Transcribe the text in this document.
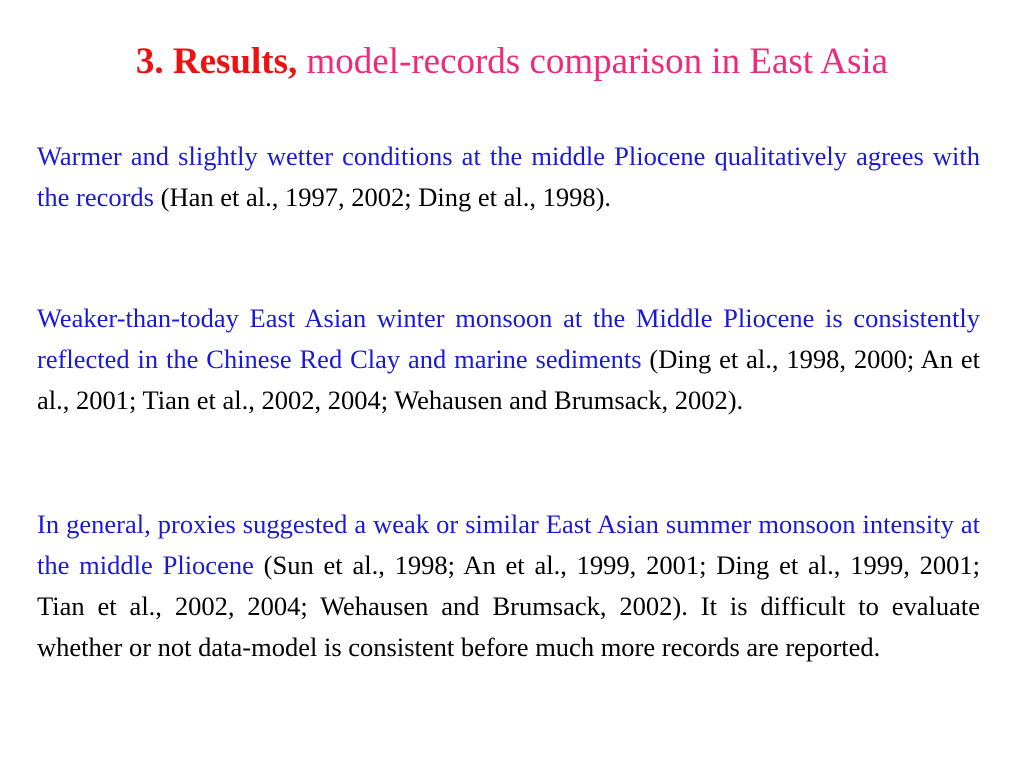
3. Results, model-records comparison in East Asia

Warmer and slightly wetter conditions at the middle Pliocene qualitatively agrees with the records (Han et al., 1997, 2002; Ding et al., 1998).

Weaker-than-today East Asian winter monsoon at the Middle Pliocene is consistently reflected in the Chinese Red Clay and marine sediments (Ding et al., 1998, 2000; An et al., 2001; Tian et al., 2002, 2004; Wehausen and Brumsack, 2002).

In general, proxies suggested a weak or similar East Asian summer monsoon intensity at the middle Pliocene (Sun et al., 1998; An et al., 1999, 2001; Ding et al., 1999, 2001; Tian et al., 2002, 2004; Wehausen and Brumsack, 2002). It is difficult to evaluate whether or not data-model is consistent before much more records are reported.
